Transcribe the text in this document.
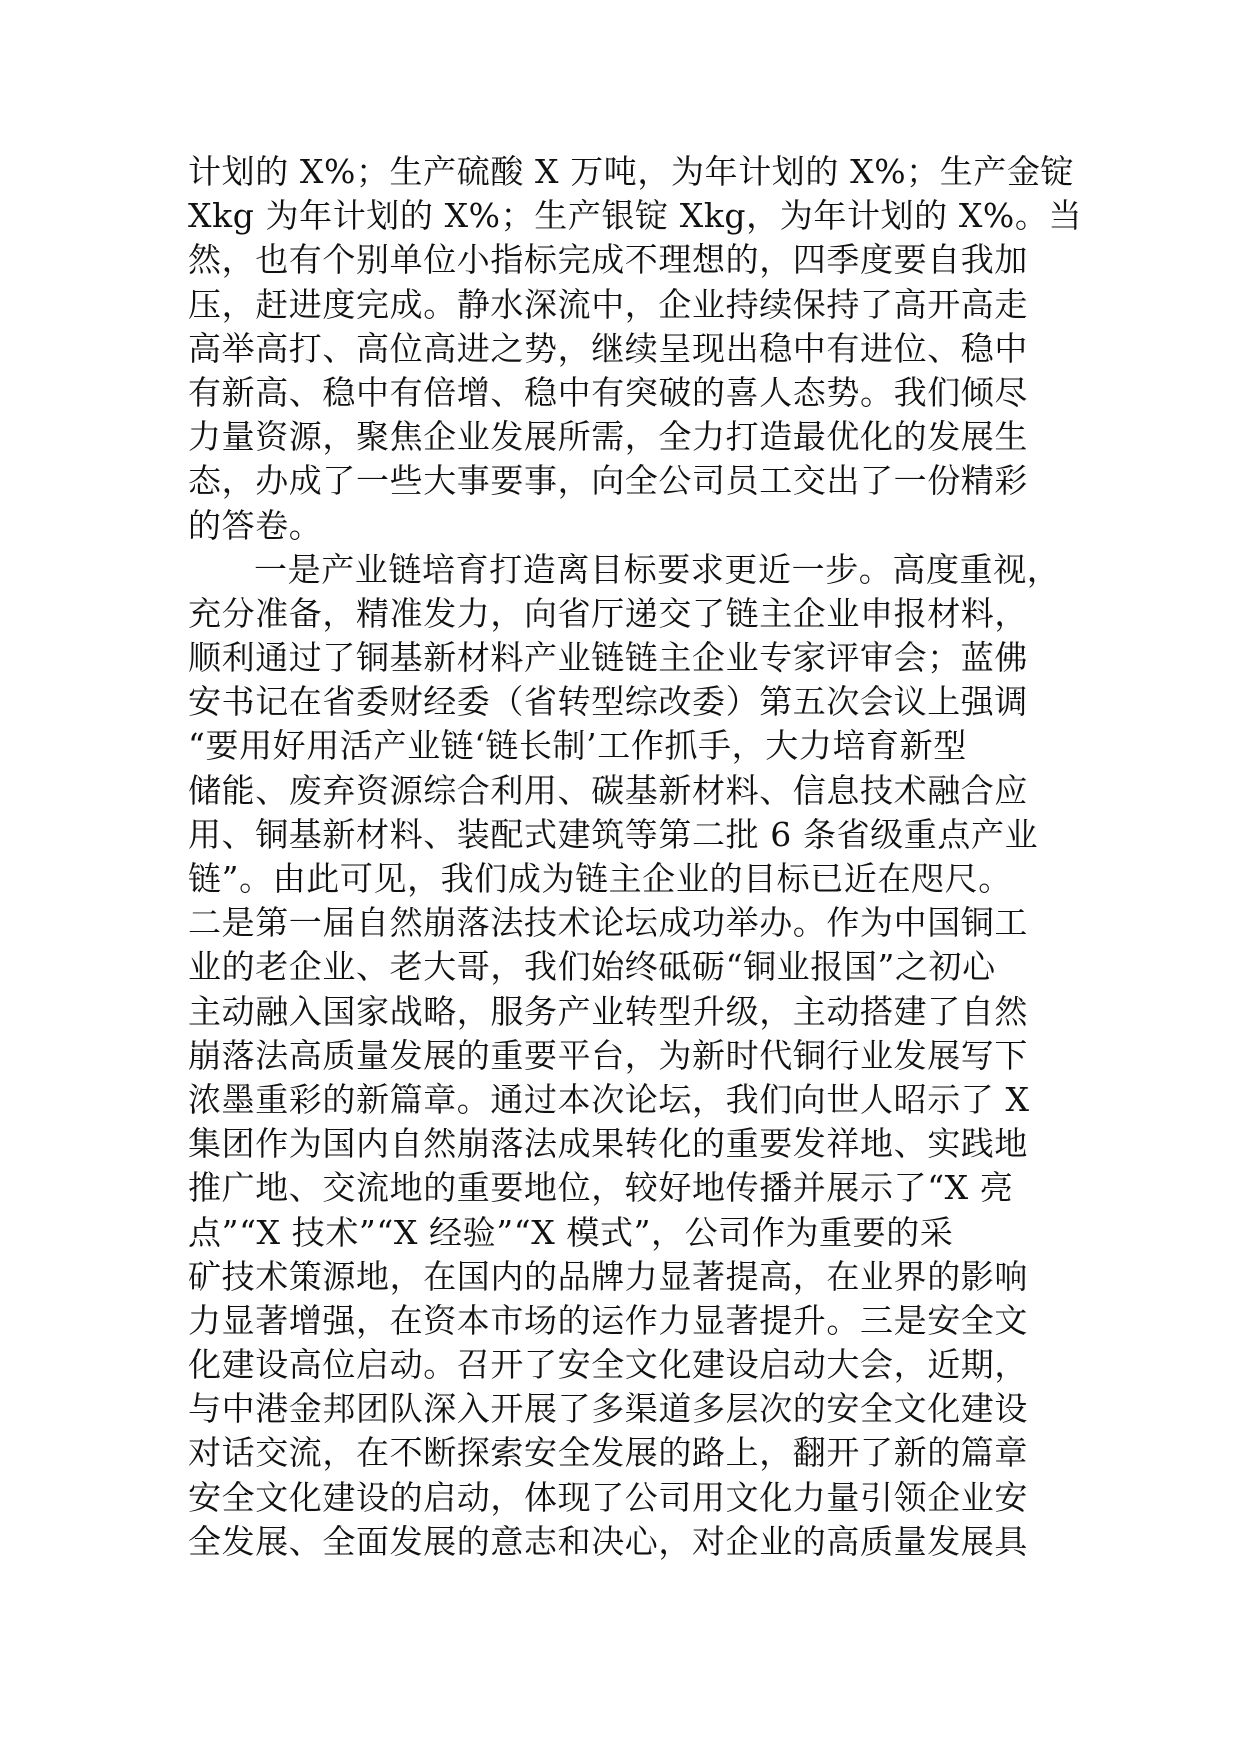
计划的 X%；生产硫酸 X 万吨，为年计划的 X%；生产金锭
Xkg 为年计划的 X%；生产银锭 Xkg，为年计划的 X%。当
然，也有个别单位小指标完成不理想的，四季度要自我加
压，赶进度完成。静水深流中，企业持续保持了高开高走
高举高打、高位高进之势，继续呈现出稳中有进位、稳中
有新高、稳中有倍增、稳中有突破的喜人态势。我们倾尽
力量资源，聚焦企业发展所需，全力打造最优化的发展生
态，办成了一些大事要事，向全公司员工交出了一份精彩
的答卷。
一是产业链培育打造离目标要求更近一步。高度重视，
充分准备，精准发力，向省厅递交了链主企业申报材料，
顺利通过了铜基新材料产业链链主企业专家评审会；蓝佛
安书记在省委财经委（省转型综改委）第五次会议上强调
“要用好用活产业链‘链长制’工作抓手，大力培育新型
储能、废弃资源综合利用、碳基新材料、信息技术融合应
用、铜基新材料、装配式建筑等第二批 6 条省级重点产业
链”。由此可见，我们成为链主企业的目标已近在咫尺。
二是第一届自然崩落法技术论坛成功举办。作为中国铜工
业的老企业、老大哥，我们始终砥砺“铜业报国”之初心
主动融入国家战略，服务产业转型升级，主动搭建了自然
崩落法高质量发展的重要平台，为新时代铜行业发展写下
浓墨重彩的新篇章。通过本次论坛，我们向世人昭示了 X
集团作为国内自然崩落法成果转化的重要发祥地、实践地
推广地、交流地的重要地位，较好地传播并展示了“X 亮
点”“X 技术”“X 经验”“X 模式”，公司作为重要的采
矿技术策源地，在国内的品牌力显著提高，在业界的影响
力显著增强，在资本市场的运作力显著提升。三是安全文
化建设高位启动。召开了安全文化建设启动大会，近期，
与中港金邦团队深入开展了多渠道多层次的安全文化建设
对话交流，在不断探索安全发展的路上，翻开了新的篇章
安全文化建设的启动，体现了公司用文化力量引领企业安
全发展、全面发展的意志和决心，对企业的高质量发展具
